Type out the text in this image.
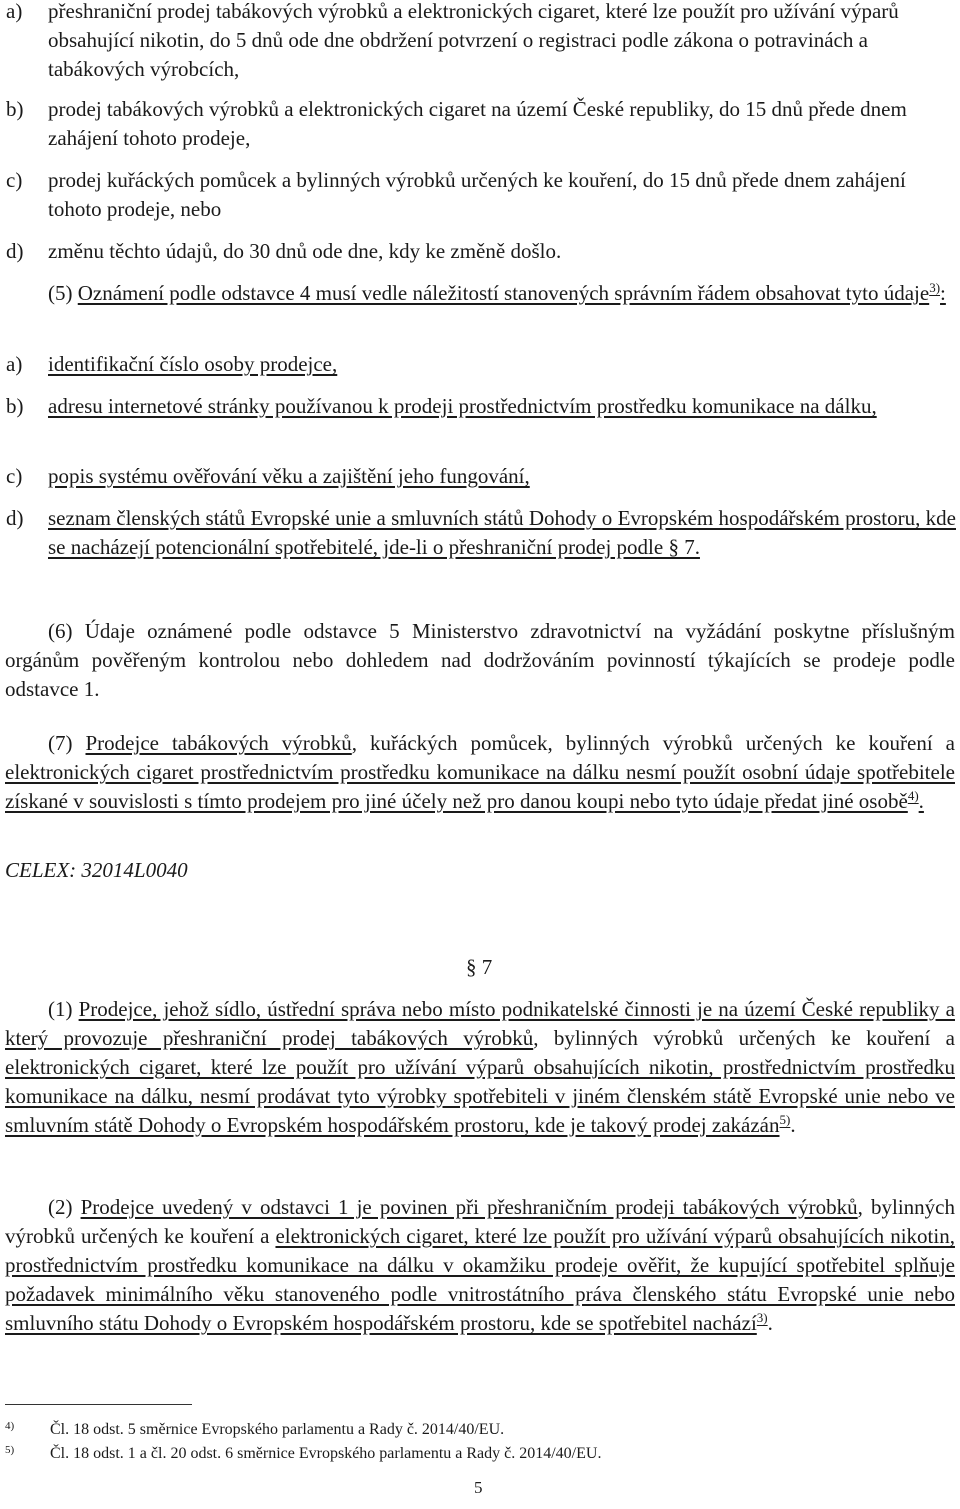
a) přeshraniční prodej tabákových výrobků a elektronických cigaret, které lze použít pro užívání výparů obsahující nikotin, do 5 dnů ode dne obdržení potvrzení o registraci podle zákona o potravinách a tabákových výrobcích,
b) prodej tabákových výrobků a elektronických cigaret na území České republiky, do 15 dnů přede dnem zahájení tohoto prodeje,
c) prodej kuřáckých pomůcek a bylinných výrobků určených ke kouření, do 15 dnů přede dnem zahájení tohoto prodeje, nebo
d) změnu těchto údajů, do 30 dnů ode dne, kdy ke změně došlo.
(5) Oznámení podle odstavce 4 musí vedle náležitostí stanovených správním řádem obsahovat tyto údaje$^{3)}$:
a) identifikační číslo osoby prodejce,
b) adresu internetové stránky používanou k prodeji prostřednictvím prostředku komunikace na dálku,
c) popis systému ověřování věku a zajištění jeho fungování,
d) seznam členských států Evropské unie a smluvních států Dohody o Evropském hospodářském prostoru, kde se nacházejí potencionální spotřebitelé, jde-li o přeshraniční prodej podle § 7.
(6) Údaje oznámené podle odstavce 5 Ministerstvo zdravotnictví na vyžádání poskytne příslušným orgánům pověřeným kontrolou nebo dohledem nad dodržováním povinností týkajících se prodeje podle odstavce 1.
(7) Prodejce tabákových výrobků, kuřáckých pomůcek, bylinných výrobků určených ke kouření a elektronických cigaret prostřednictvím prostředku komunikace na dálku nesmí použít osobní údaje spotřebitele získané v souvislosti s tímto prodejem pro jiné účely než pro danou koupi nebo tyto údaje předat jiné osobě$^{4)}$.
CELEX: 32014L0040
§ 7
(1) Prodejce, jehož sídlo, ústřední správa nebo místo podnikatelské činnosti je na území České republiky a který provozuje přeshraniční prodej tabákových výrobků, bylinných výrobků určených ke kouření a elektronických cigaret, které lze použít pro užívání výparů obsahujících nikotin, prostřednictvím prostředku komunikace na dálku, nesmí prodávat tyto výrobky spotřebiteli v jiném členském státě Evropské unie nebo ve smluvním státě Dohody o Evropském hospodářském prostoru, kde je takový prodej zakázán$^{5)}$.
(2) Prodejce uvedený v odstavci 1 je povinen při přeshraničním prodeji tabákových výrobků, bylinných výrobků určených ke kouření a elektronických cigaret, které lze použít pro užívání výparů obsahujících nikotin, prostřednictvím prostředku komunikace na dálku v okamžiku prodeje ověřit, že kupující spotřebitel splňuje požadavek minimálního věku stanoveného podle vnitrostátního práva členského státu Evropské unie nebo smluvního státu Dohody o Evropském hospodářském prostoru, kde se spotřebitel nachází$^{3)}$.
4) Čl. 18 odst. 5 směrnice Evropského parlamentu a Rady č. 2014/40/EU.
5) Čl. 18 odst. 1 a čl. 20 odst. 6 směrnice Evropského parlamentu a Rady č. 2014/40/EU.
5
